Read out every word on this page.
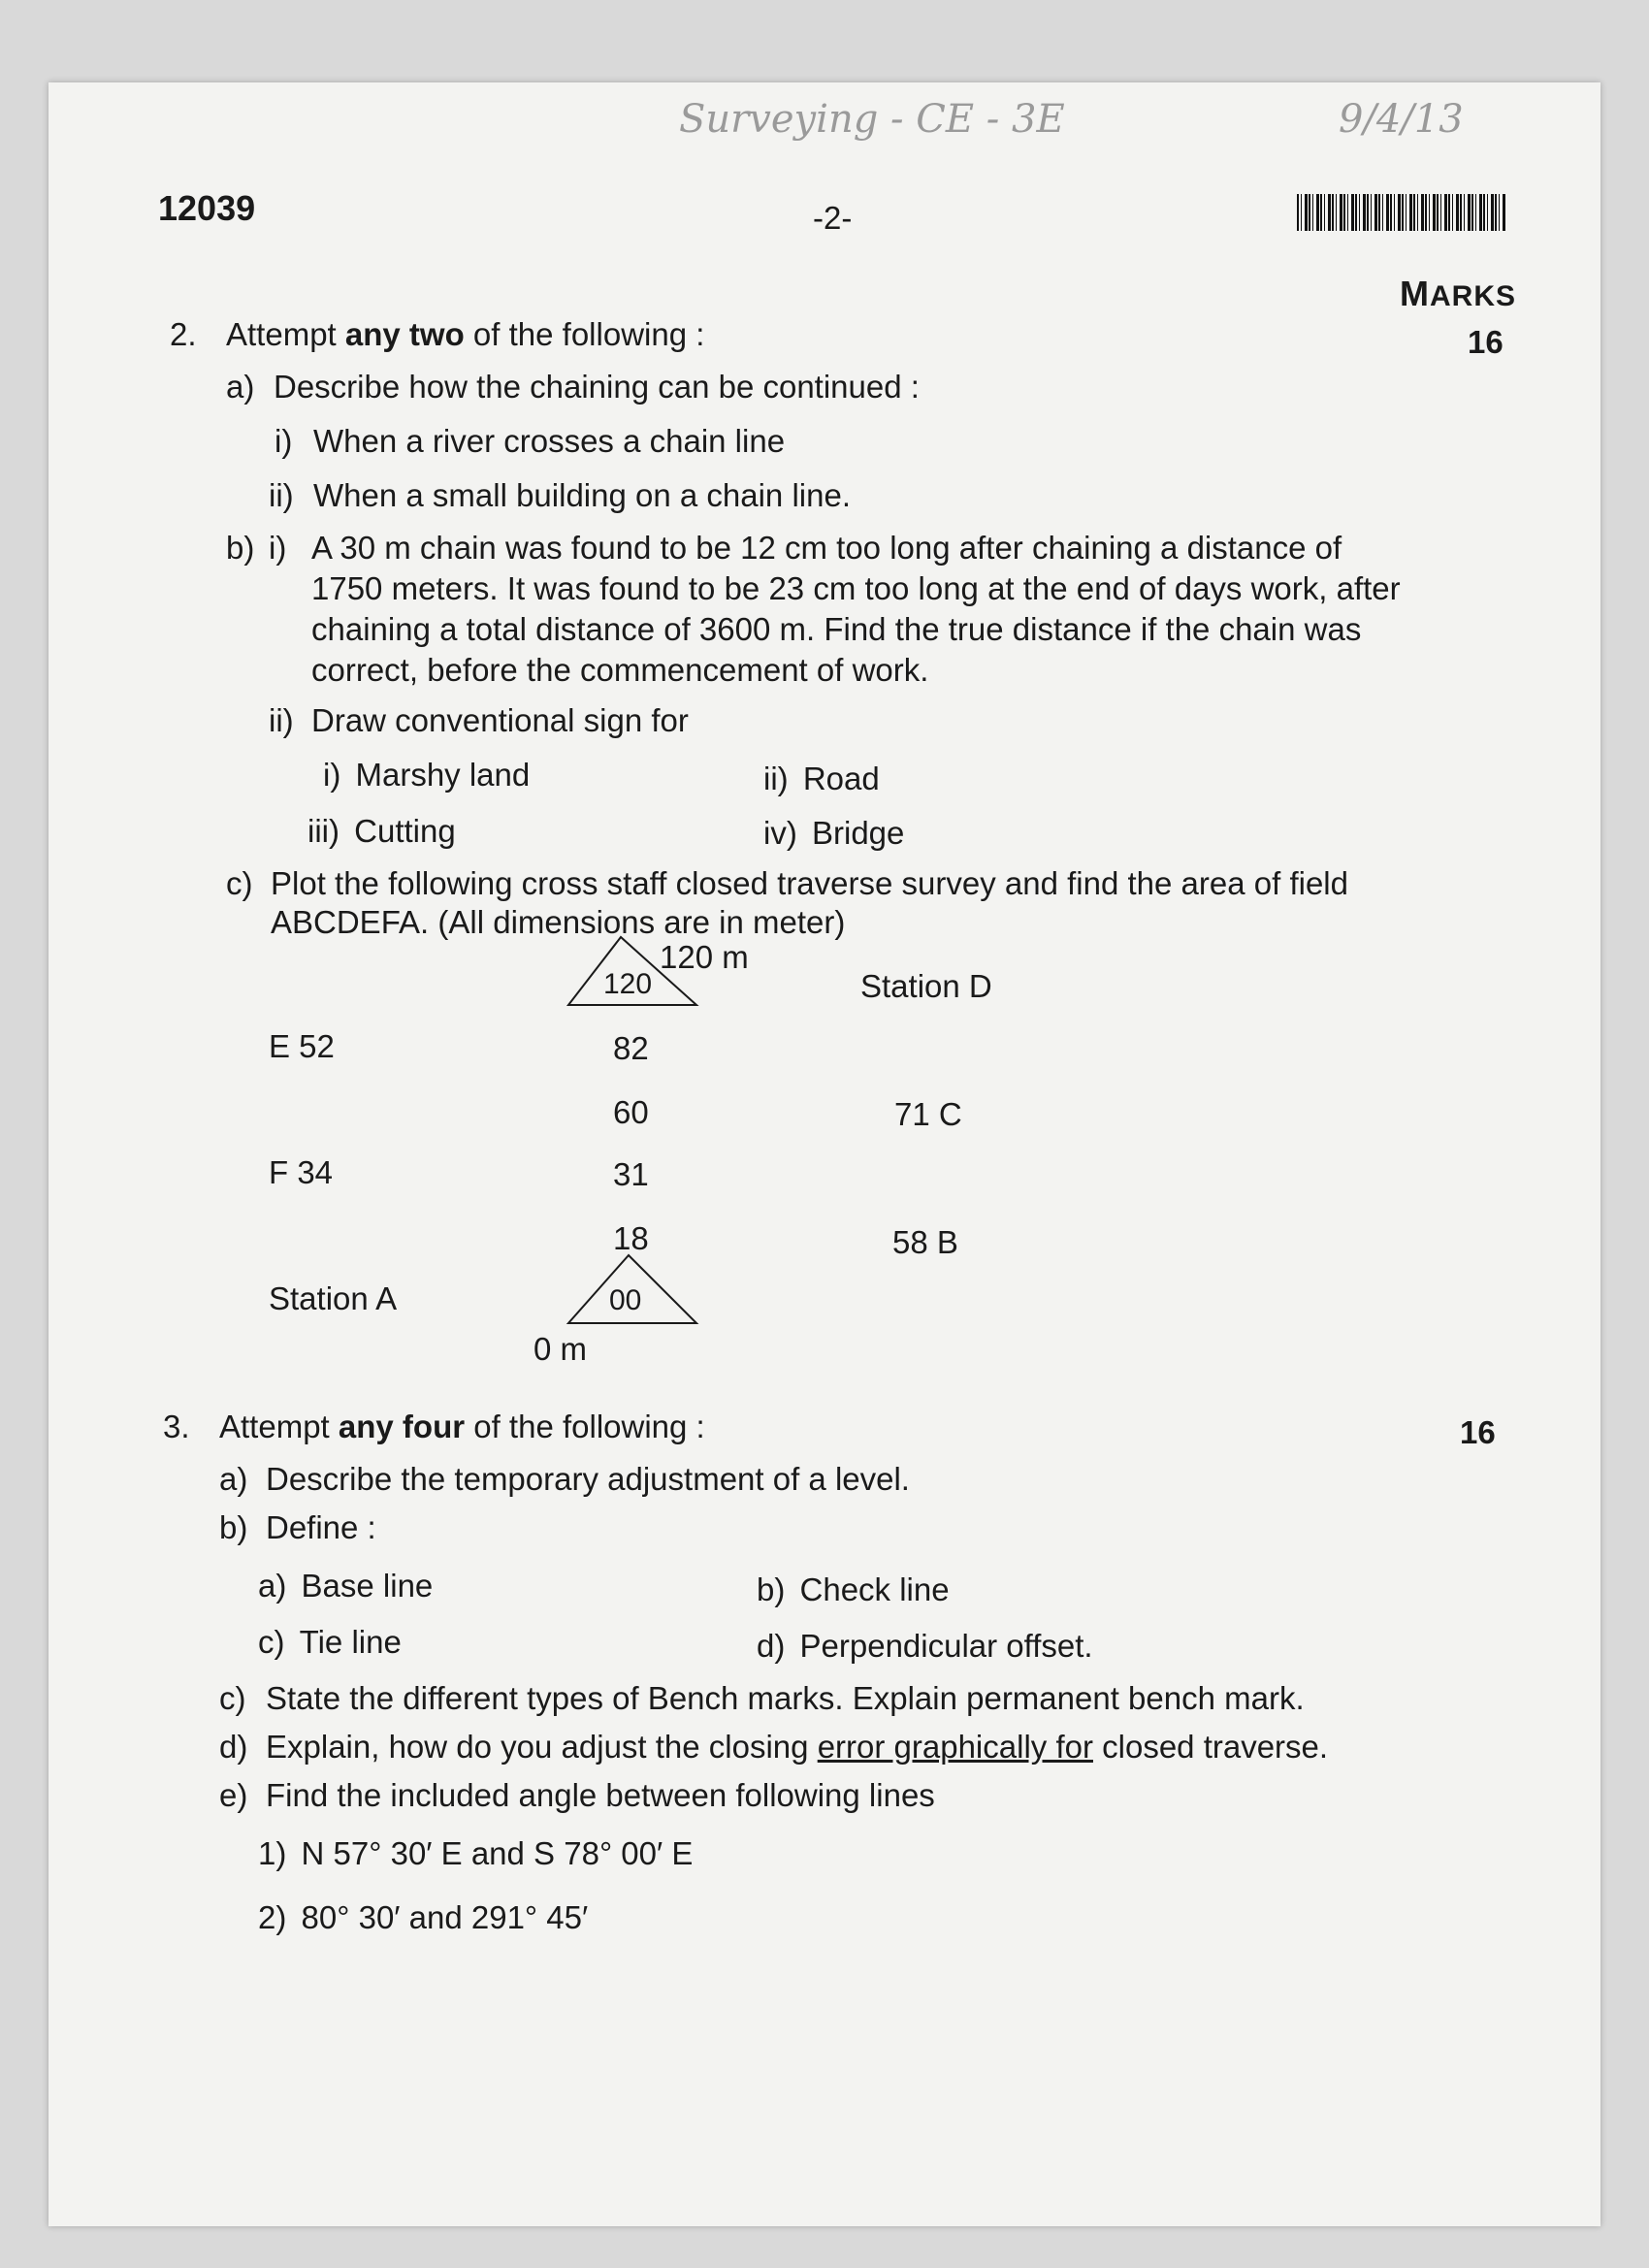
Surveying - CE - 3E	9/4/13
12039	-2-
MARKS
2. Attempt any two of the following :	16
a) Describe how the chaining can be continued :
i) When a river crosses a chain line
ii) When a small building on a chain line.
b) i) A 30 m chain was found to be 12 cm too long after chaining a distance of
1750 meters. It was found to be 23 cm too long at the end of days work, after
chaining a total distance of 3600 m. Find the true distance if the chain was
correct, before the commencement of work.
ii) Draw conventional sign for
i) Marshy land	ii) Road
iii) Cutting	iv) Bridge
c) Plot the following cross staff closed traverse survey and find the area of field
ABCDEFA. (All dimensions are in meter)
120 m
120	Station D
E 52	82
60	71 C
F 34	31
18	58 B
Station A	00
0 m
3. Attempt any four of the following :	16
a) Describe the temporary adjustment of a level.
b) Define :
a) Base line	b) Check line
c) Tie line	d) Perpendicular offset.
c) State the different types of Bench marks. Explain permanent bench mark.
d) Explain, how do you adjust the closing error graphically for closed traverse.
e) Find the included angle between following lines
1) N 57° 30′ E and S 78° 00′ E
2) 80° 30′ and 291° 45′
